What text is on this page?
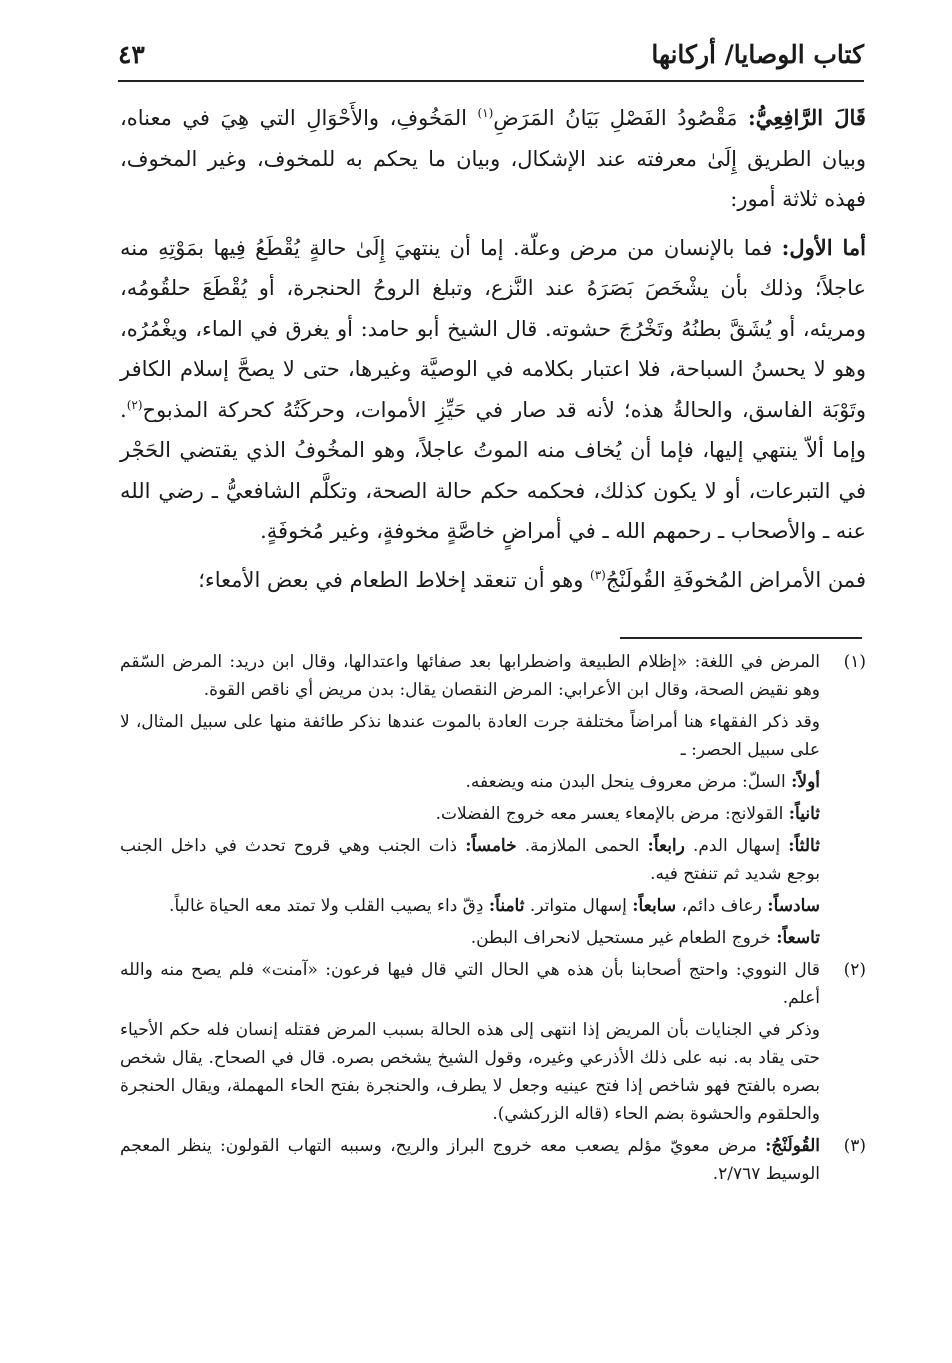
كتاب الوصايا/ أركانها
٤٣

قَالَ الرَّافِعِيُّ: مَقْصُودُ الفَصْلِ بَيَانُ المَرَضِ$^{(١)}$ المَخُوفِ، والأَحْوَالِ التي هِيَ في معناه، وبيان الطريق إِلَىٰ معرفته عند الإشكال، وبيان ما يحكم به للمخوف، وغير المخوف، فهذه ثلاثة أمور:

أما الأول: فما بالإنسان من مرض وعلّة. إما أن ينتهيَ إِلَىٰ حالةٍ يُقْطَعُ فِيها بمَوْتِهِ منه عاجلاً؛ وذلك بأن يشْخَصَ بَصَرَهُ عند النَّزع، وتبلغ الروحُ الحنجرة، أو يُقْطَعَ حلقُومُه، ومريئه، أو يُشَقَّ بطنُهُ وتَخْرُجَ حشوته. قال الشيخ أبو حامد: أو يغرق في الماء، ويغْمُرُه، وهو لا يحسنُ السباحة، فلا اعتبار بكلامه في الوصيَّة وغيرها، حتى لا يصحَّ إسلام الكافر وتَوْبَة الفاسق، والحالةُ هذه؛ لأنه قد صار في حَيِّزِ الأموات، وحركَتُهُ كحركة المذبوح$^{(٢)}$. وإما ألاّ ينتهي إليها، فإما أن يُخاف منه الموتُ عاجلاً، وهو المخُوفُ الذي يقتضي الحَجْر في التبرعات، أو لا يكون كذلك، فحكمه حكم حالة الصحة، وتكلَّم الشافعيُّ ـ رضي الله عنه ـ والأصحاب ـ رحمهم الله ـ في أمراضٍ خاصَّةٍ مخوفةٍ، وغير مُخوفَةٍ.

فمن الأمراض المُخوفَةِ القُولَنْجُ$^{(٣)}$ وهو أن تنعقد إخلاط الطعام في بعض الأمعاء؛

(١)

المرض في اللغة: «إظلام الطبيعة واضطرابها بعد صفائها واعتدالها، وقال ابن دريد: المرض السّقم وهو نقيض الصحة، وقال ابن الأعرابي: المرض النقصان يقال: بدن مريض أي ناقص القوة.

وقد ذكر الفقهاء هنا أمراضاً مختلفة جرت العادة بالموت عندها نذكر طائفة منها على سبيل المثال، لا على سبيل الحصر: ـ

أولاً: السلّ: مرض معروف ينحل البدن منه ويضعفه.

ثانياً: القولانج: مرض بالإمعاء يعسر معه خروج الفضلات.

ثالثاً: إسهال الدم. رابعاً: الحمى الملازمة. خامساً: ذات الجنب وهي قروح تحدث في داخل الجنب بوجع شديد ثم تنفتح فيه.

سادساً: رعاف دائم، سابعاً: إسهال متواتر. ثامناً: دِقّ داء يصيب القلب ولا تمتد معه الحياة غالباً.

تاسعاً: خروج الطعام غير مستحيل لانحراف البطن.

(٢)

قال النووي: واحتج أصحابنا بأن هذه هي الحال التي قال فيها فرعون: «آمنت» فلم يصح منه والله أعلم.

وذكر في الجنايات بأن المريض إذا انتهى إلى هذه الحالة بسبب المرض فقتله إنسان فله حكم الأحياء حتى يقاد به. نبه على ذلك الأذرعي وغيره، وقول الشيخ يشخص بصره. قال في الصحاح. يقال شخص بصره بالفتح فهو شاخص إذا فتح عينيه وجعل لا يطرف، والحنجرة بفتح الحاء المهملة، ويقال الحنجرة والحلقوم والحشوة بضم الحاء (قاله الزركشي).

(٣)

القُولَنْجُ: مرض معويّ مؤلم يصعب معه خروج البراز والريح، وسببه التهاب القولون: ينظر المعجم الوسيط ٢/٧٦٧.
